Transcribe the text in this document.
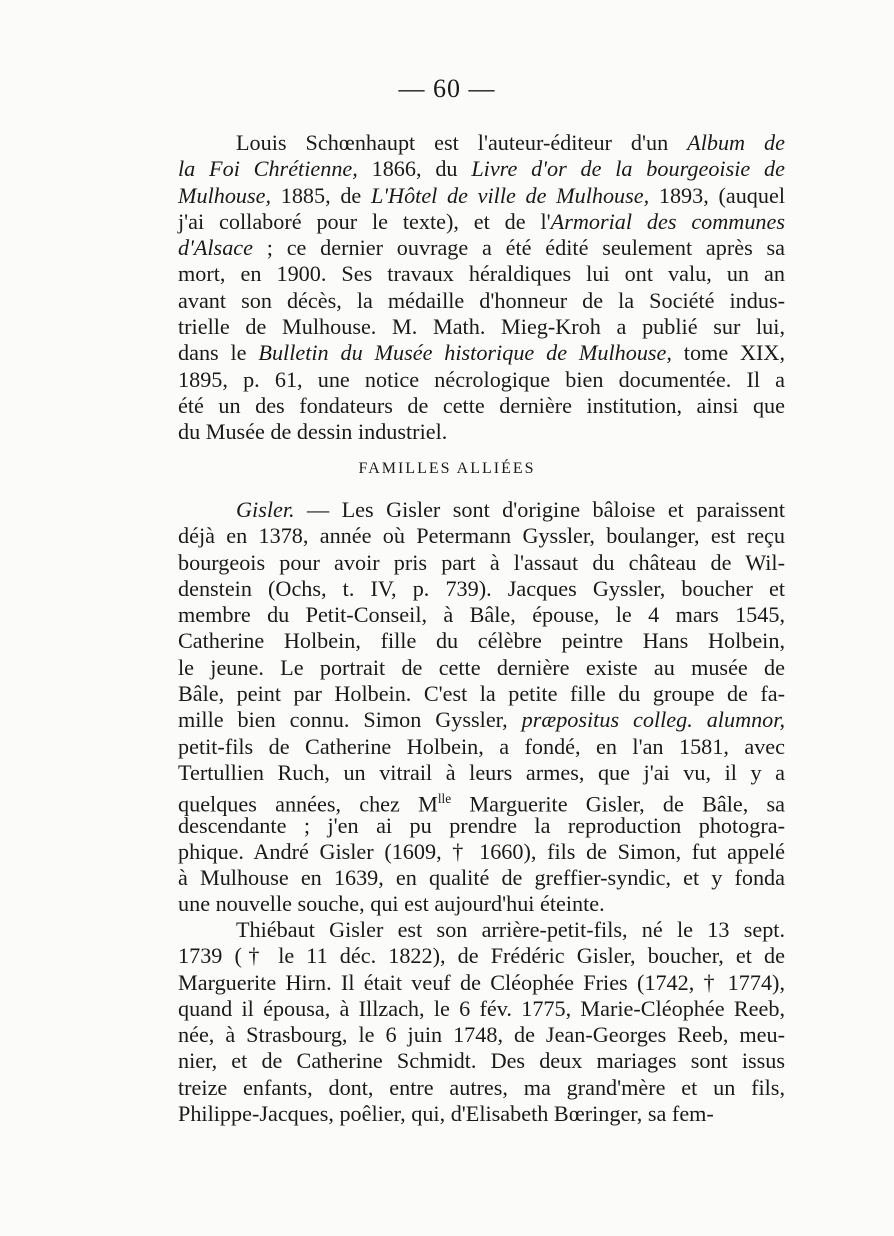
— 60 —

Louis Schœnhaupt est l'auteur-éditeur d'un Album de
la Foi Chrétienne, 1866, du Livre d'or de la bourgeoisie de
Mulhouse, 1885, de L'Hôtel de ville de Mulhouse, 1893, (auquel
j'ai collaboré pour le texte), et de l'Armorial des communes
d'Alsace ; ce dernier ouvrage a été édité seulement après sa
mort, en 1900. Ses travaux héraldiques lui ont valu, un an
avant son décès, la médaille d'honneur de la Société indus-
trielle de Mulhouse. M. Math. Mieg-Kroh a publié sur lui,
dans le Bulletin du Musée historique de Mulhouse, tome XIX,
1895, p. 61, une notice nécrologique bien documentée. Il a
été un des fondateurs de cette dernière institution, ainsi que
du Musée de dessin industriel.

FAMILLES ALLIÉES

Gisler. — Les Gisler sont d'origine bâloise et paraissent
déjà en 1378, année où Petermann Gyssler, boulanger, est reçu
bourgeois pour avoir pris part à l'assaut du château de Wil-
denstein (Ochs, t. IV, p. 739). Jacques Gyssler, boucher et
membre du Petit-Conseil, à Bâle, épouse, le 4 mars 1545,
Catherine Holbein, fille du célèbre peintre Hans Holbein,
le jeune. Le portrait de cette dernière existe au musée de
Bâle, peint par Holbein. C'est la petite fille du groupe de fa-
mille bien connu. Simon Gyssler, præpositus colleg. alumnor,
petit-fils de Catherine Holbein, a fondé, en l'an 1581, avec
Tertullien Ruch, un vitrail à leurs armes, que j'ai vu, il y a
quelques années, chez $M^{lle}$ Marguerite Gisler, de Bâle, sa
descendante ; j'en ai pu prendre la reproduction photogra-
phique. André Gisler (1609, † 1660), fils de Simon, fut appelé
à Mulhouse en 1639, en qualité de greffier-syndic, et y fonda
une nouvelle souche, qui est aujourd'hui éteinte.

Thiébaut Gisler est son arrière-petit-fils, né le 13 sept.
1739 († le 11 déc. 1822), de Frédéric Gisler, boucher, et de
Marguerite Hirn. Il était veuf de Cléophée Fries (1742, † 1774),
quand il épousa, à Illzach, le 6 fév. 1775, Marie-Cléophée Reeb,
née, à Strasbourg, le 6 juin 1748, de Jean-Georges Reeb, meu-
nier, et de Catherine Schmidt. Des deux mariages sont issus
treize enfants, dont, entre autres, ma grand'mère et un fils,
Philippe-Jacques, poêlier, qui, d'Elisabeth Bœringer, sa fem-
